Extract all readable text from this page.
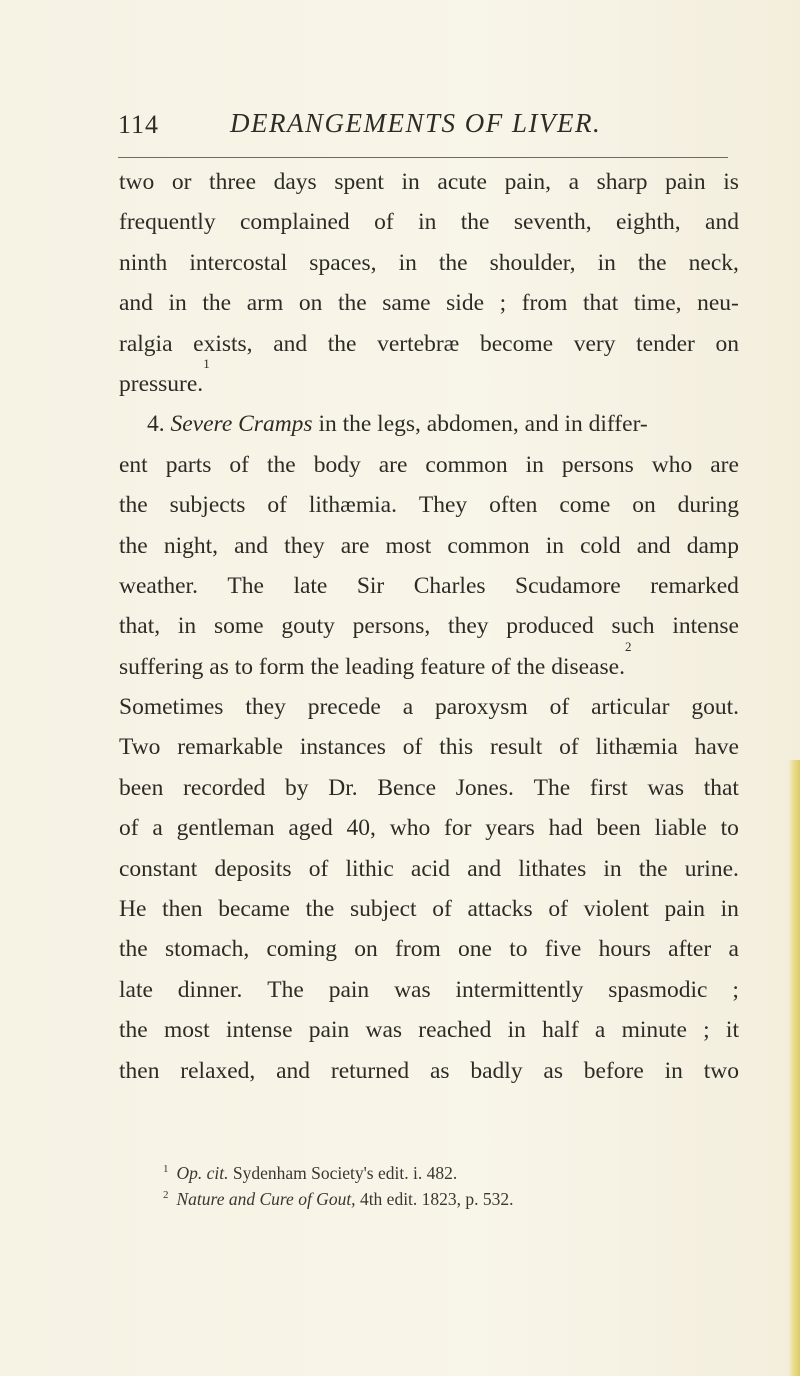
114	DERANGEMENTS OF LIVER.
two or three days spent in acute pain, a sharp pain is
frequently complained of in the seventh, eighth, and
ninth intercostal spaces, in the shoulder, in the neck,
and in the arm on the same side ; from that time, neu-
ralgia exists, and the vertebræ become very tender on
pressure.
1
4.
Severe Cramps
in the legs, abdomen, and in differ-
ent parts of the body are common in persons who are
the subjects of lithæmia. They often come on during
the night, and they are most common in cold and damp
weather. The late Sir Charles Scudamore remarked
that, in some gouty persons, they produced such intense
suffering as to form the leading feature of the disease.
2
Sometimes they precede a paroxysm of articular gout.
Two remarkable instances of this result of lithæmia have
been recorded by Dr. Bence Jones. The first was that
of a gentleman aged 40, who for years had been liable to
constant deposits of lithic acid and lithates in the urine.
He then became the subject of attacks of violent pain in
the stomach, coming on from one to five hours after a
late dinner. The pain was intermittently spasmodic ;
the most intense pain was reached in half a minute ; it
then relaxed, and returned as badly as before in two
$^1$ Op. cit. Sydenham Society's edit. i. 482.
$^2$ Nature and Cure of Gout, 4th edit. 1823, p. 532.
